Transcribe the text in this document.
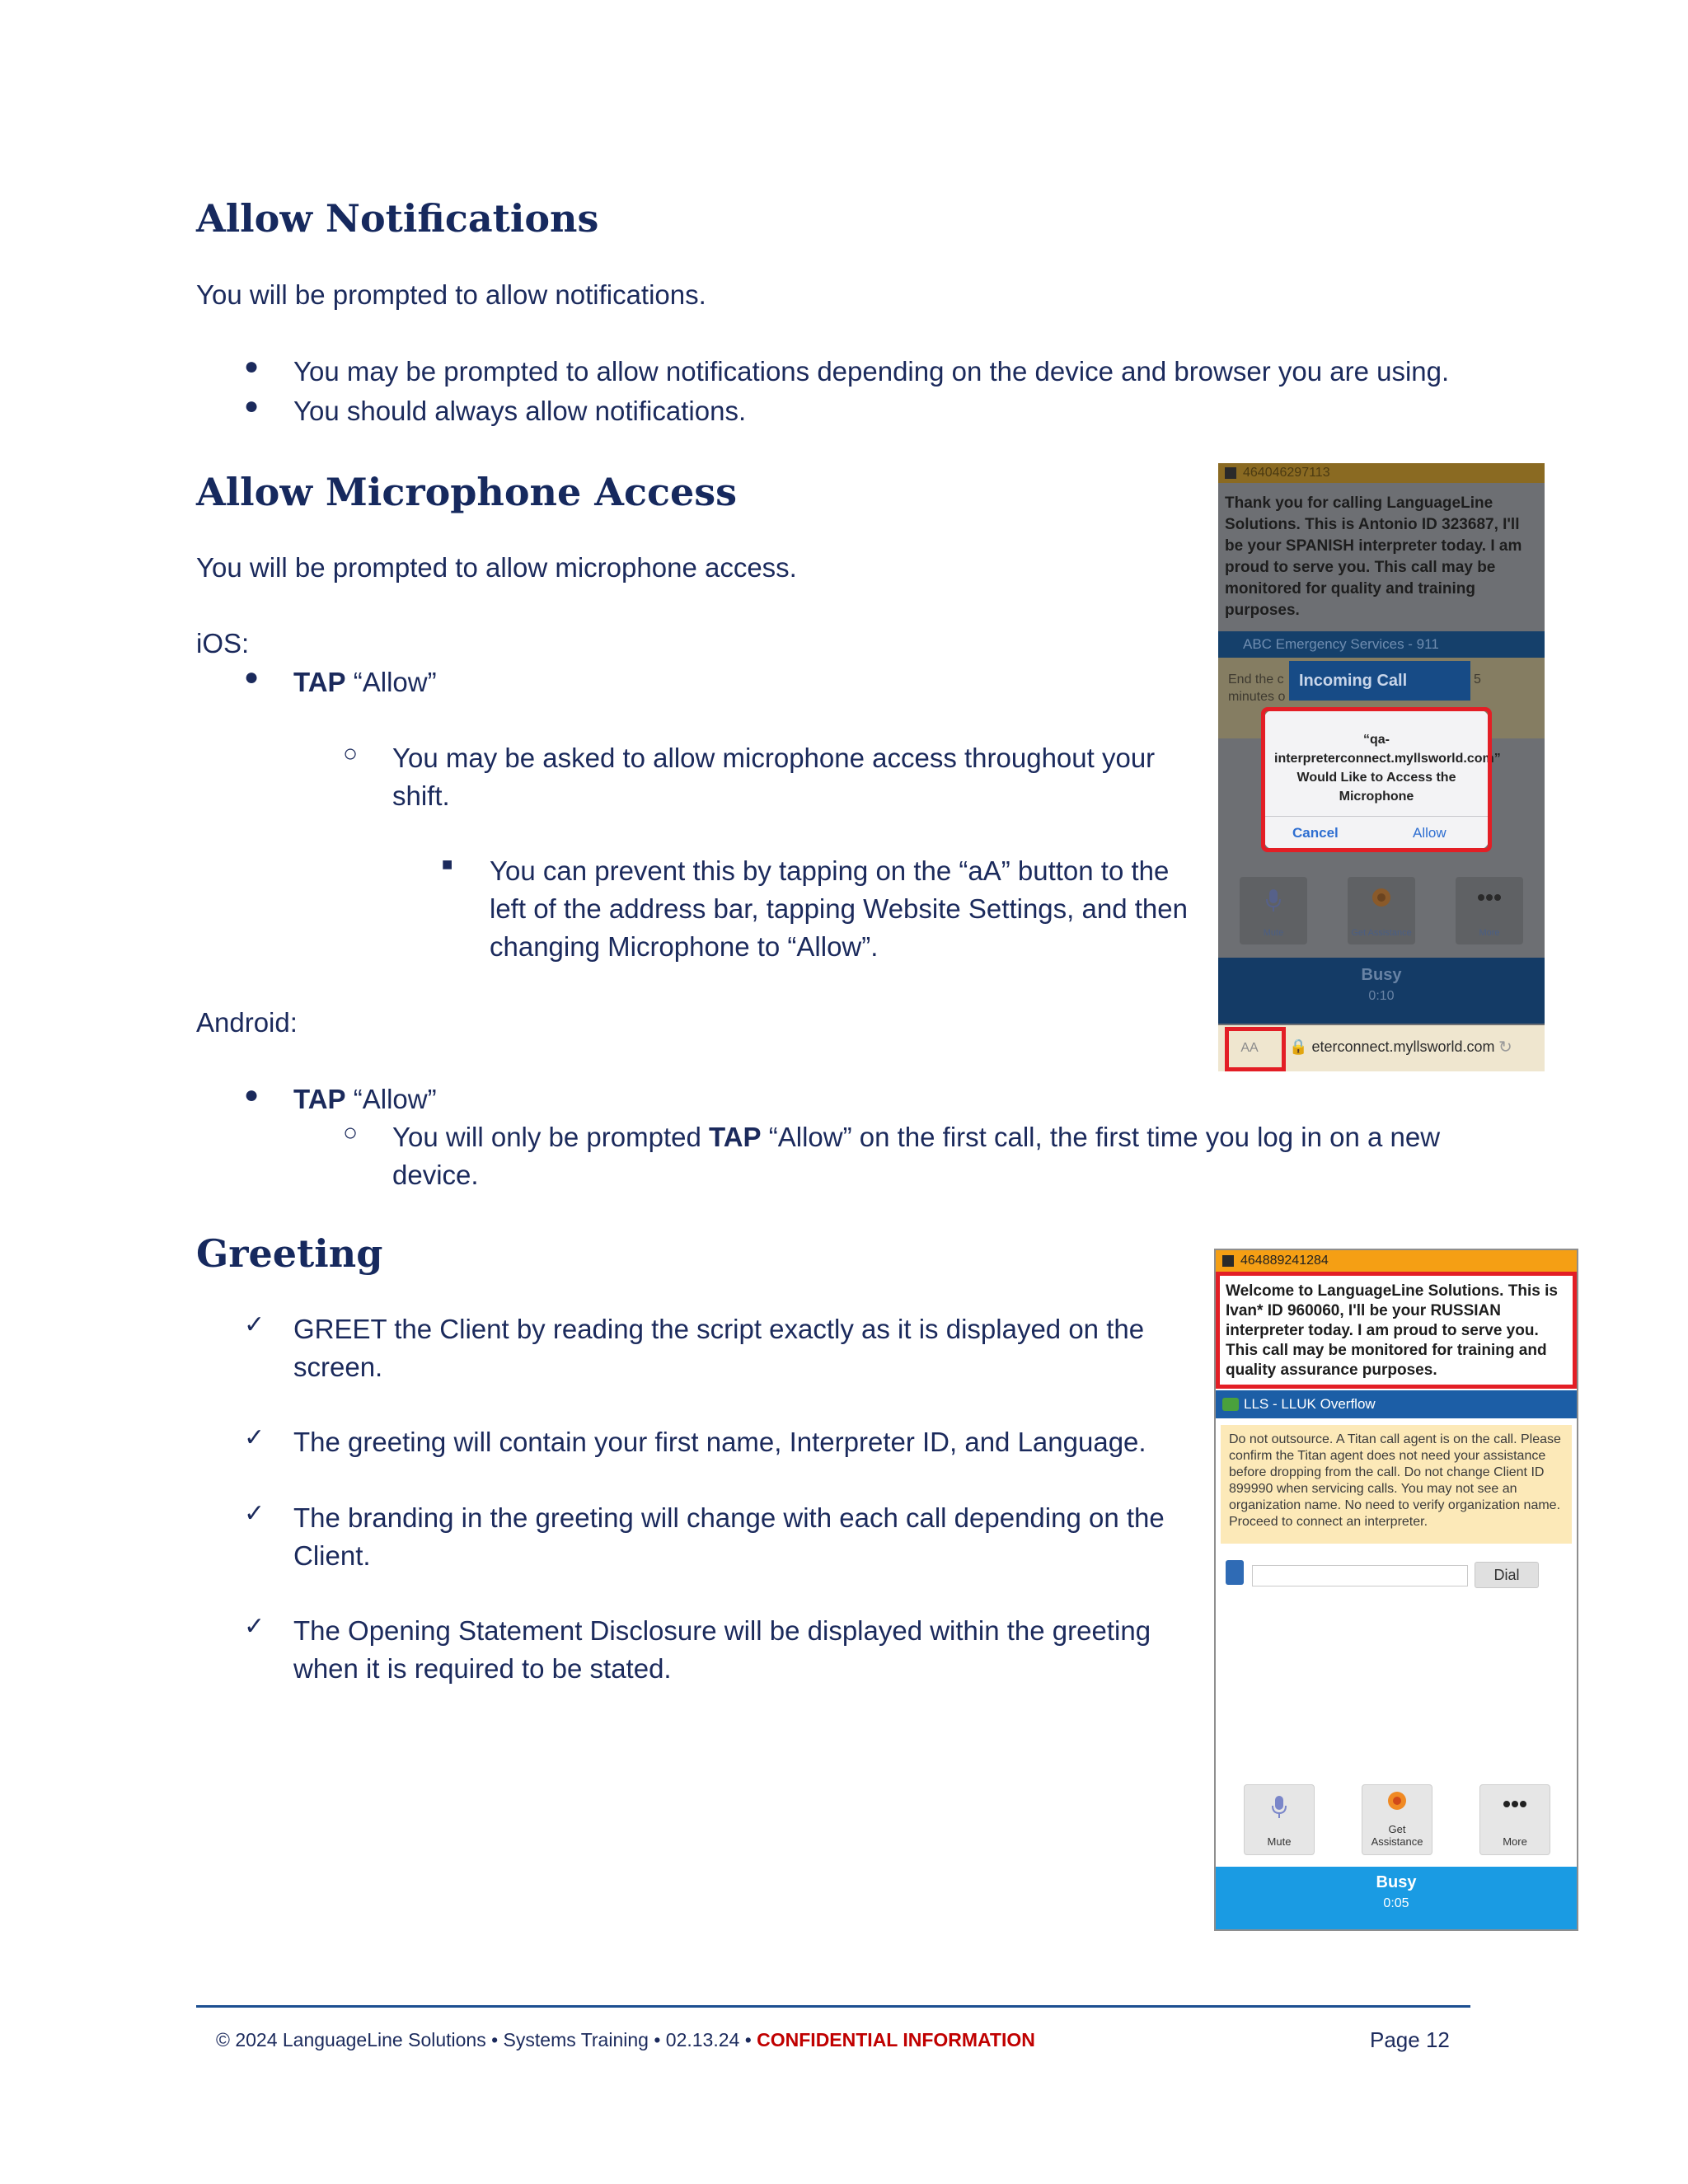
Allow Notifications
You will be prompted to allow notifications.
● You may be prompted to allow notifications depending on the device and browser you are using.
● You should always allow notifications.
Allow Microphone Access
You will be prompted to allow microphone access.
iOS:
● TAP “Allow”
○ You may be asked to allow microphone access throughout your shift.
■ You can prevent this by tapping on the “aA” button to the left of the address bar, tapping Website Settings, and then changing Microphone to “Allow”.
Android:
● TAP “Allow”
○ You will only be prompted TAP “Allow” on the first call, the first time you log in on a new device.
Greeting
✓ GREET the Client by reading the script exactly as it is displayed on the screen.
✓ The greeting will contain your first name, Interpreter ID, and Language.
✓ The branding in the greeting will change with each call depending on the Client.
✓ The Opening Statement Disclosure will be displayed within the greeting when it is required to be stated.
464046297113
Thank you for calling LanguageLine Solutions. This is Antonio ID 323687, I'll be your SPANISH interpreter today. I am proud to serve you. This call may be monitored for quality and training purposes.
ABC Emergency Services - 911
End the c
minutes o
5
Incoming Call
“qa-interpreterconnect.myllsworld.com” Would Like to Access the Microphone
Cancel	Allow
Mute	Get Assistance	More
Busy
0:10
AA	🔒 eterconnect.myllsworld.com ↻
464889241284
Welcome to LanguageLine Solutions. This is Ivan* ID 960060, I'll be your RUSSIAN interpreter today. I am proud to serve you. This call may be monitored for training and quality assurance purposes.
LLS - LLUK Overflow
Do not outsource. A Titan call agent is on the call. Please confirm the Titan agent does not need your assistance before dropping from the call. Do not change Client ID 899990 when servicing calls. You may not see an organization name. No need to verify organization name. Proceed to connect an interpreter.
Dial
Mute
Get
Assistance	More
Busy
0:05
© 2024 LanguageLine Solutions • Systems Training • 02.13.24 • CONFIDENTIAL INFORMATION	Page 12
